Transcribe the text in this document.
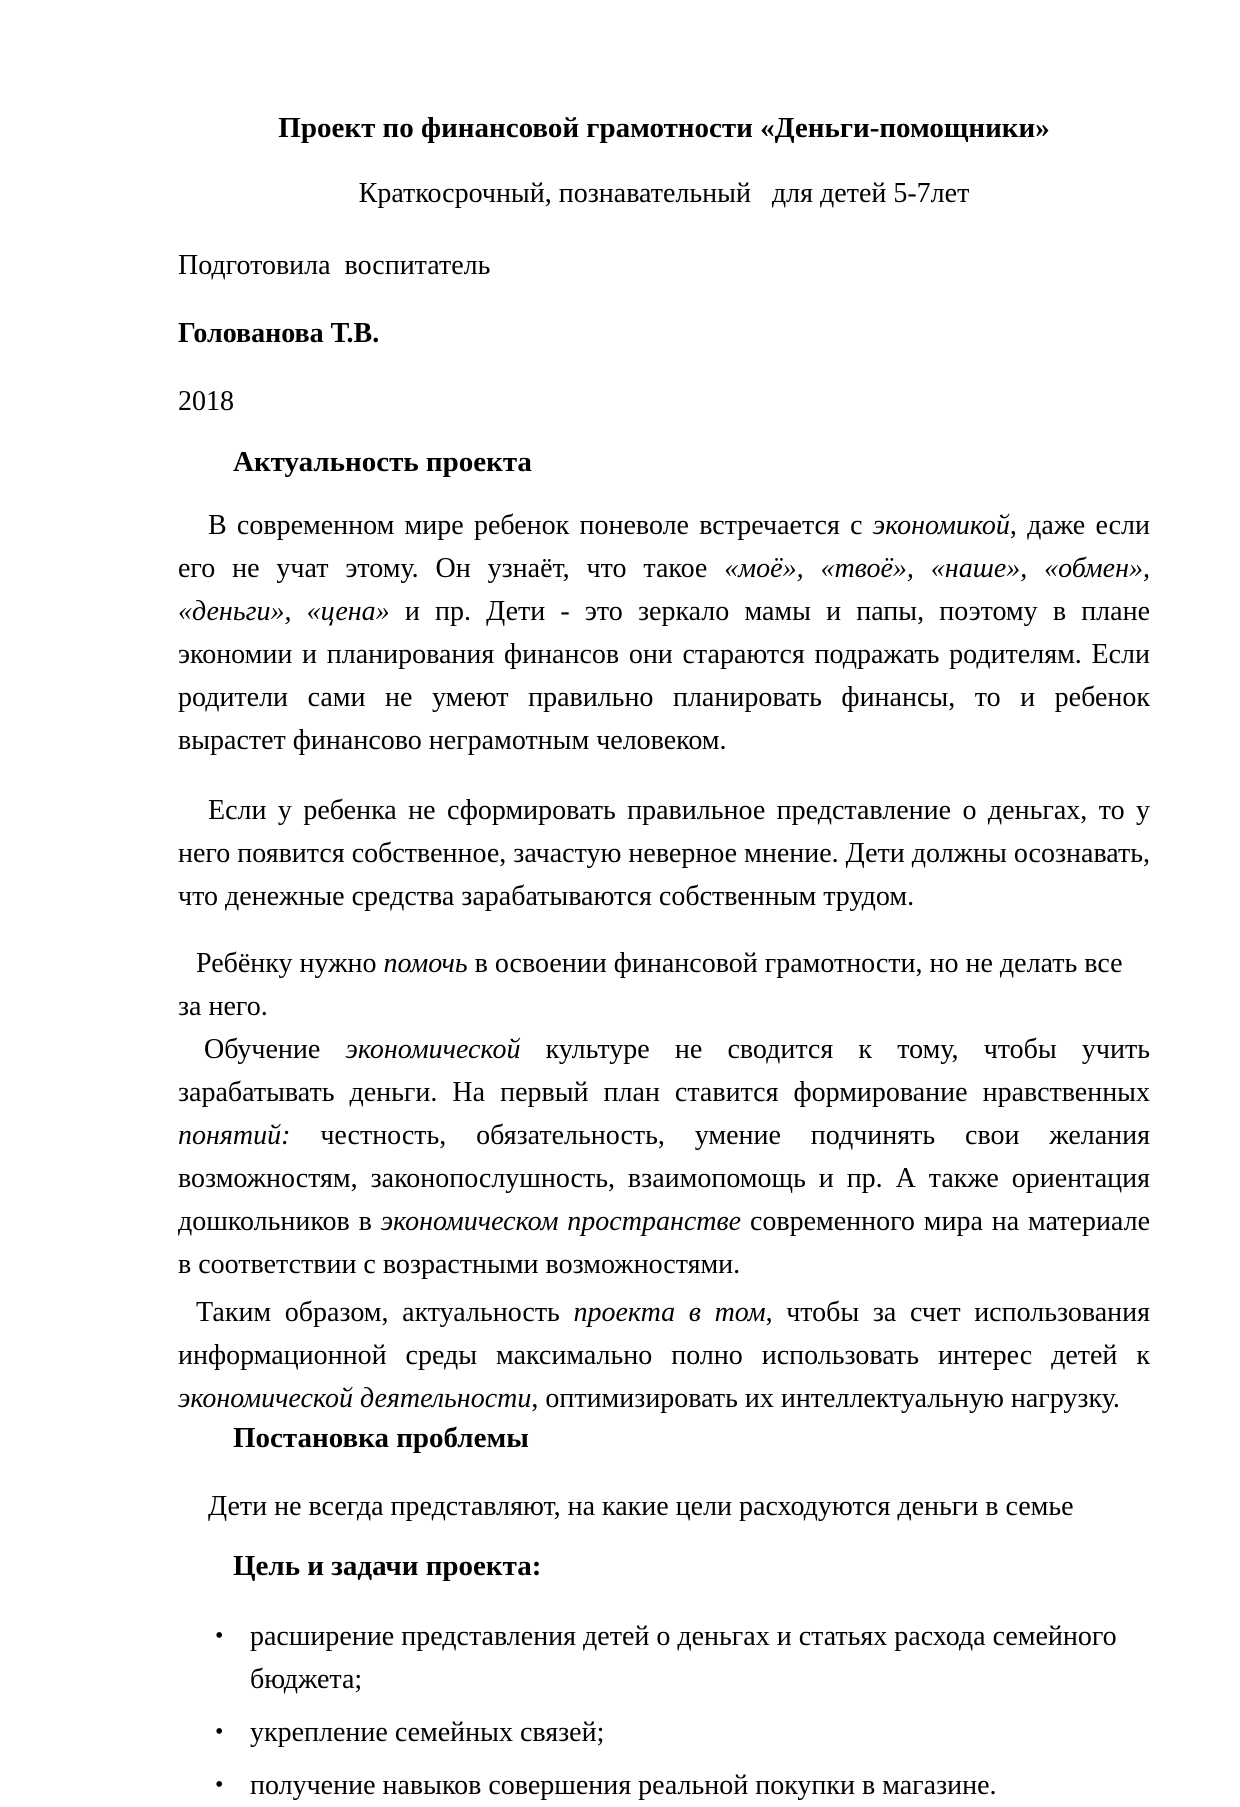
Проект по финансовой грамотности «Деньги-помощники»

Краткосрочный, познавательный   для детей 5-7лет

Подготовила  воспитатель

Голованова Т.В.

2018

Актуальность проекта

В современном мире ребенок поневоле встречается с экономикой, даже если его не учат этому. Он узнаёт, что такое «моё», «твоё», «наше», «обмен», «деньги», «цена» и пр. Дети - это зеркало мамы и папы, поэтому в плане экономии и планирования финансов они стараются подражать родителям. Если родители сами не умеют правильно планировать финансы, то и ребенок вырастет финансово неграмотным человеком.

Если у ребенка не сформировать правильное представление о деньгах, то у него появится собственное, зачастую неверное мнение. Дети должны осознавать, что денежные средства зарабатываются собственным трудом.

Ребёнку нужно помочь в освоении финансовой грамотности, но не делать все за него.

Обучение экономической культуре не сводится к тому, чтобы учить зарабатывать деньги. На первый план ставится формирование нравственных понятий: честность, обязательность, умение подчинять свои желания возможностям, законопослушность, взаимопомощь и пр. А также ориентация дошкольников в экономическом пространстве современного мира на материале в соответствии с возрастными возможностями.

Таким образом, актуальность проекта в том, чтобы за счет использования информационной среды максимально полно использовать интерес детей к экономической деятельности, оптимизировать их интеллектуальную нагрузку.

Постановка проблемы

Дети не всегда представляют, на какие цели расходуются деньги в семье

Цель и задачи проекта:
• расширение представления детей о деньгах и статьях расхода семейного бюджета;
• укрепление семейных связей;
• получение навыков совершения реальной покупки в магазине.
